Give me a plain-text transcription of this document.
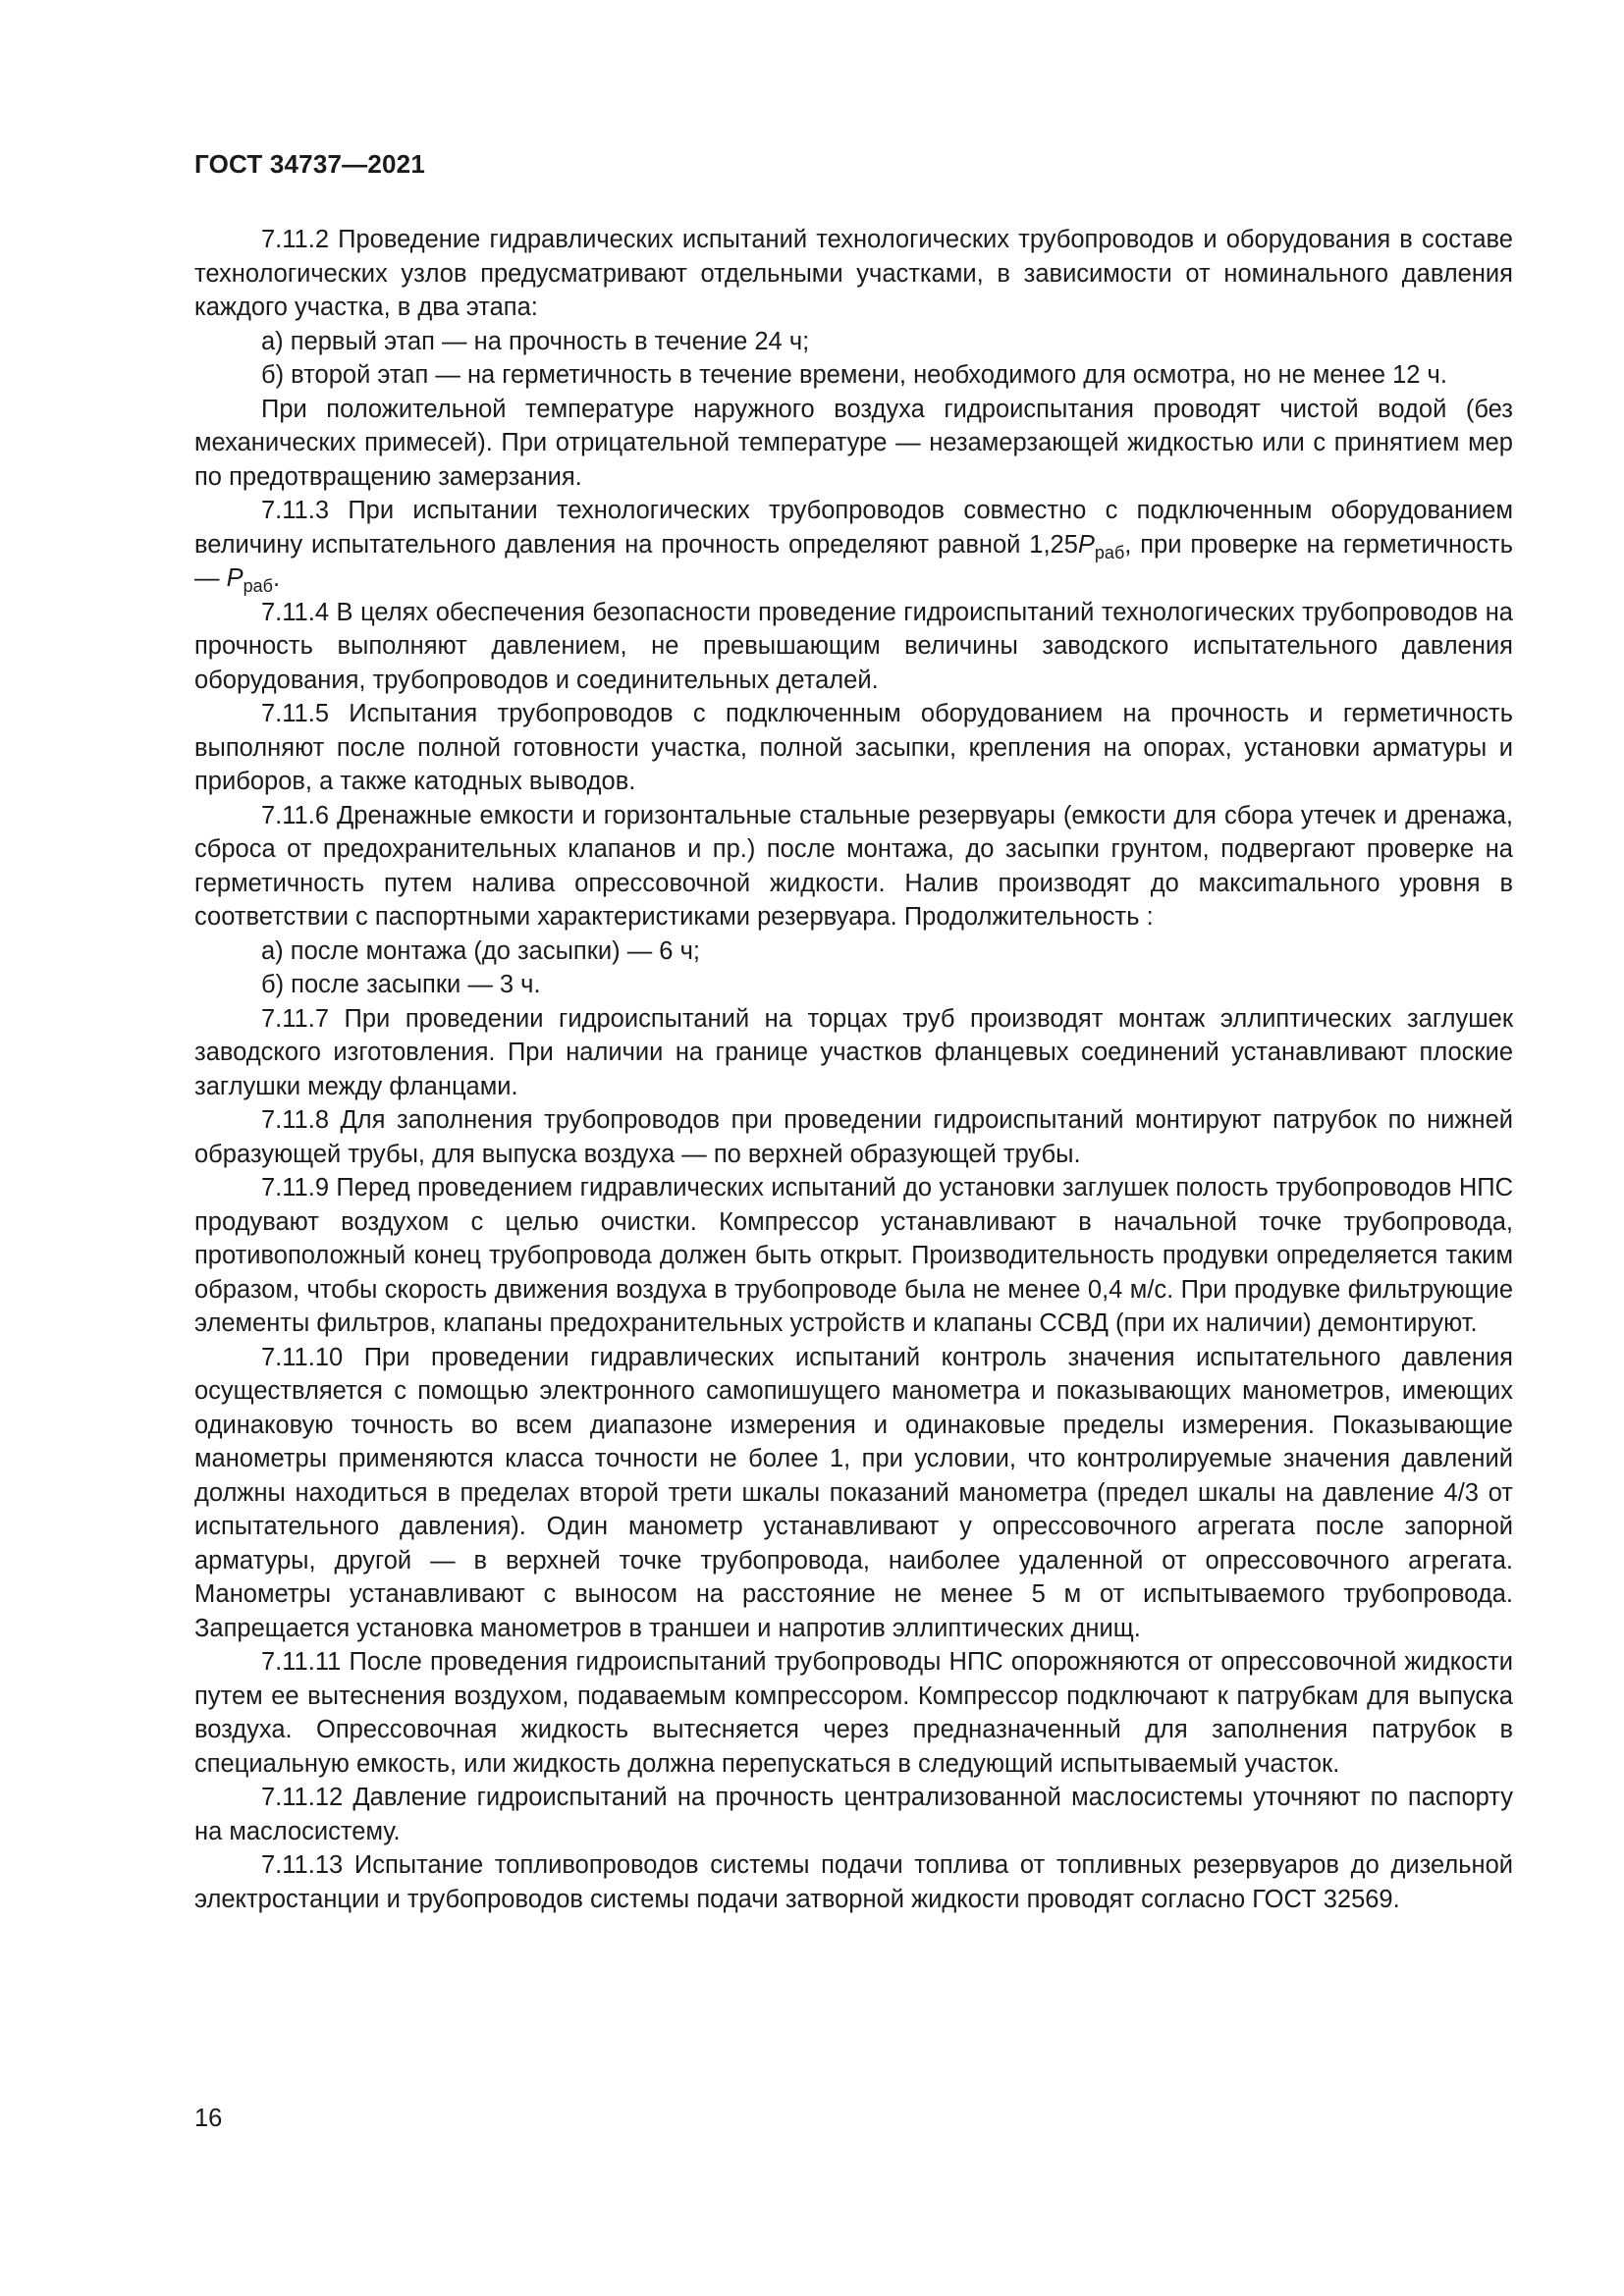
ГОСТ 34737—2021

7.11.2 Проведение гидравлических испытаний технологических трубопроводов и оборудования в составе технологических узлов предусматривают отдельными участками, в зависимости от номинального давления каждого участка, в два этапа:

а) первый этап — на прочность в течение 24 ч;

б) второй этап — на герметичность в течение времени, необходимого для осмотра, но не менее 12 ч.

При положительной температуре наружного воздуха гидроиспытания проводят чистой водой (без механических примесей). При отрицательной температуре — незамерзающей жидкостью или с принятием мер по предотвращению замерзания.

7.11.3 При испытании технологических трубопроводов совместно с подключенным оборудованием величину испытательного давления на прочность определяют равной $1,25P_{раб}$, при проверке на герметичность — $P_{раб}$.

7.11.4 В целях обеспечения безопасности проведение гидроиспытаний технологических трубопроводов на прочность выполняют давлением, не превышающим величины заводского испытательного давления оборудования, трубопроводов и соединительных деталей.

7.11.5 Испытания трубопроводов с подключенным оборудованием на прочность и герметичность выполняют после полной готовности участка, полной засыпки, крепления на опорах, установки арматуры и приборов, а также катодных выводов.

7.11.6 Дренажные емкости и горизонтальные стальные резервуары (емкости для сбора утечек и дренажа, сброса от предохранительных клапанов и пр.) после монтажа, до засыпки грунтом, подвергают проверке на герметичность путем налива опрессовочной жидкости. Налив производят до максиmального уровня в соответствии с паспортными характеристиками резервуара. Продолжительность :

а) после монтажа (до засыпки) — 6 ч;

б) после засыпки — 3 ч.

7.11.7 При проведении гидроиспытаний на торцах труб производят монтаж эллиптических заглушек заводского изготовления. При наличии на границе участков фланцевых соединений устанавливают плоские заглушки между фланцами.

7.11.8 Для заполнения трубопроводов при проведении гидроиспытаний монтируют патрубок по нижней образующей трубы, для выпуска воздуха — по верхней образующей трубы.

7.11.9 Перед проведением гидравлических испытаний до установки заглушек полость трубопроводов НПС продувают воздухом с целью очистки. Компрессор устанавливают в начальной точке трубопровода, противоположный конец трубопровода должен быть открыт. Производительность продувки определяется таким образом, чтобы скорость движения воздуха в трубопроводе была не менее 0,4 м/с. При продувке фильтрующие элементы фильтров, клапаны предохранительных устройств и клапаны ССВД (при их наличии) демонтируют.

7.11.10 При проведении гидравлических испытаний контроль значения испытательного давления осуществляется с помощью электронного самопишущего манометра и показывающих манометров, имеющих одинаковую точность во всем диапазоне измерения и одинаковые пределы измерения. Показывающие манометры применяются класса точности не более 1, при условии, что контролируемые значения давлений должны находиться в пределах второй трети шкалы показаний манометра (предел шкалы на давление 4/3 от испытательного давления). Один манометр устанавливают у опрессовочного агрегата после запорной арматуры, другой — в верхней точке трубопровода, наиболее удаленной от опрессовочного агрегата. Манометры устанавливают с выносом на расстояние не менее 5 м от испытываемого трубопровода. Запрещается установка манометров в траншеи и напротив эллиптических днищ.

7.11.11 После проведения гидроиспытаний трубопроводы НПС опорожняются от опрессовочной жидкости путем ее вытеснения воздухом, подаваемым компрессором. Компрессор подключают к патрубкам для выпуска воздуха. Опрессовочная жидкость вытесняется через предназначенный для заполнения патрубок в специальную емкость, или жидкость должна перепускаться в следующий испытываемый участок.

7.11.12 Давление гидроиспытаний на прочность централизованной маслосистемы уточняют по паспорту на маслосистему.

7.11.13 Испытание топливопроводов системы подачи топлива от топливных резервуаров до дизельной электростанции и трубопроводов системы подачи затворной жидкости проводят согласно ГОСТ 32569.

16
